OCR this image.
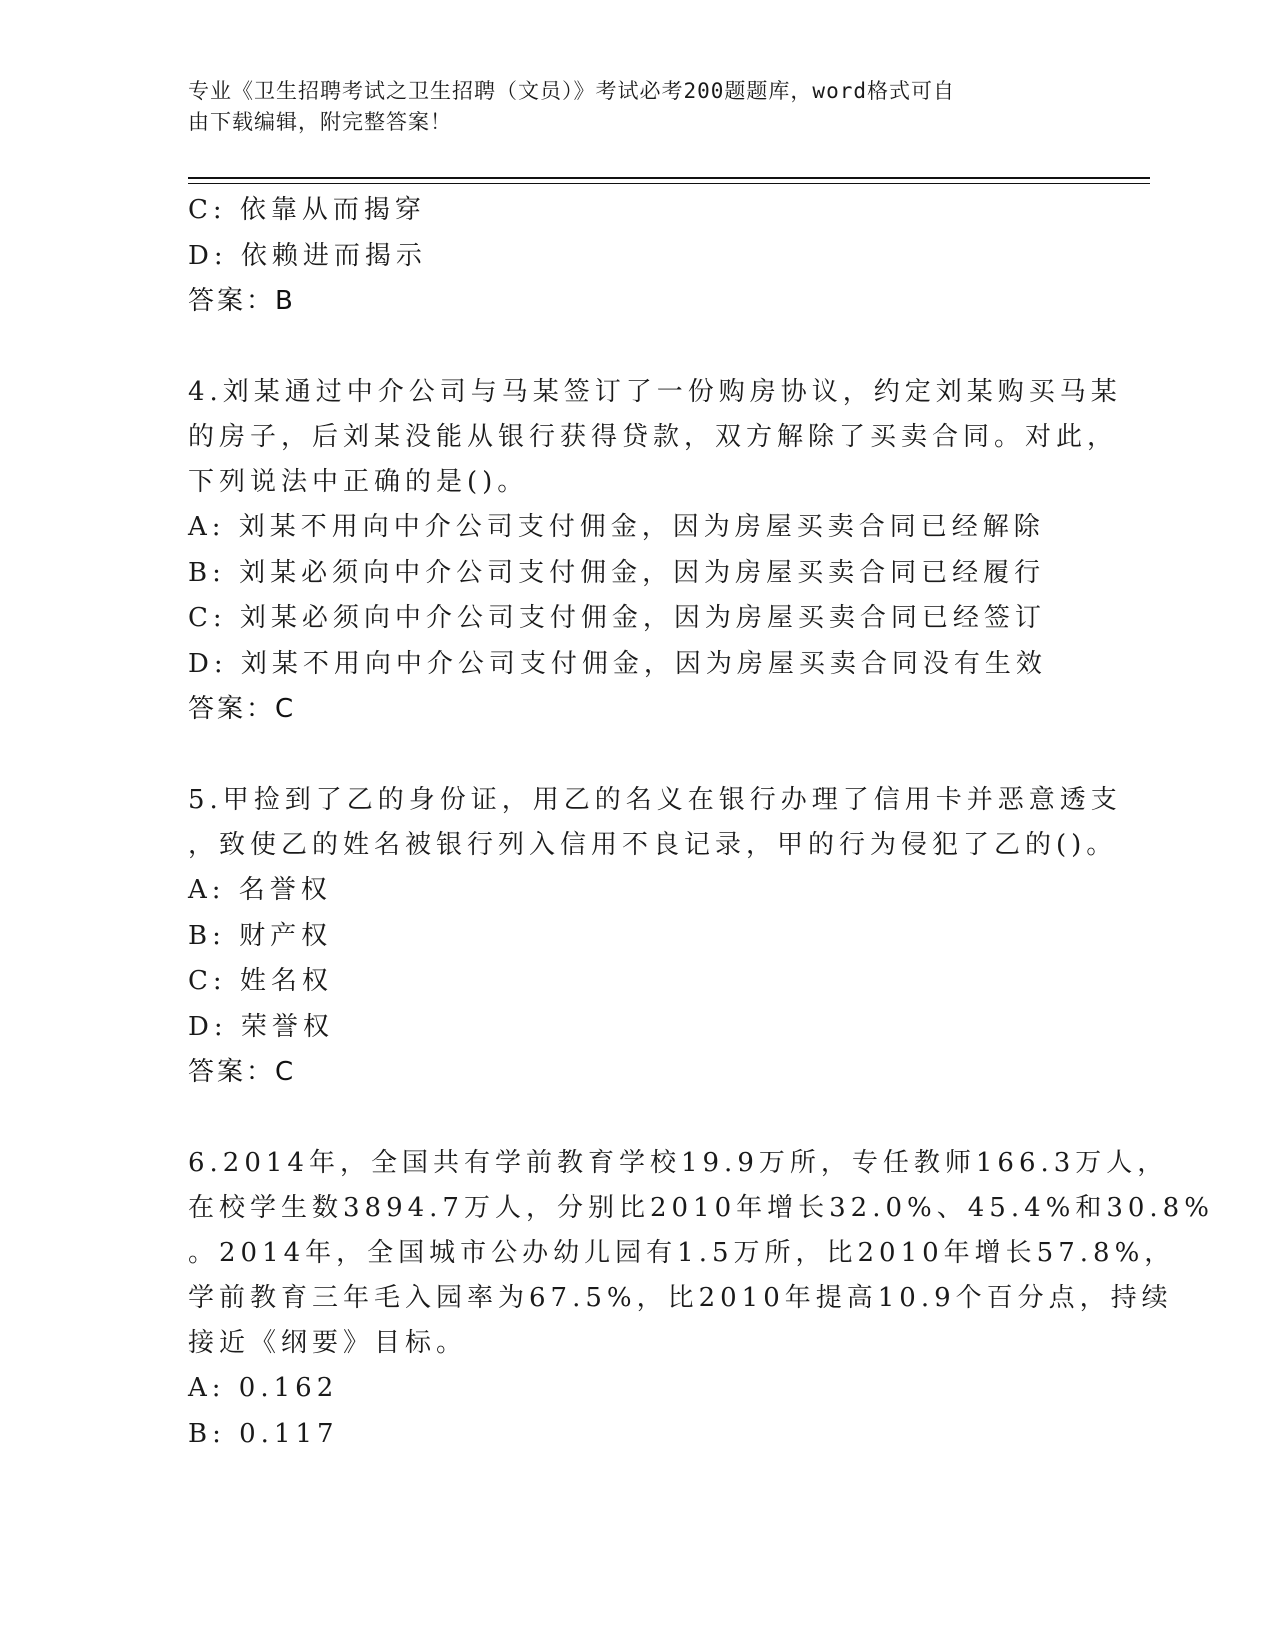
专业《卫生招聘考试之卫生招聘（文员）》考试必考200题题库，word格式可自
由下载编辑，附完整答案！
C: 依靠从而揭穿
D: 依赖进而揭示
答案：B
4.刘某通过中介公司与马某签订了一份购房协议，约定刘某购买马某
的房子，后刘某没能从银行获得贷款，双方解除了买卖合同。对此，
下列说法中正确的是()。
A: 刘某不用向中介公司支付佣金，因为房屋买卖合同已经解除
B: 刘某必须向中介公司支付佣金，因为房屋买卖合同已经履行
C: 刘某必须向中介公司支付佣金，因为房屋买卖合同已经签订
D: 刘某不用向中介公司支付佣金，因为房屋买卖合同没有生效
答案：C
5.甲捡到了乙的身份证，用乙的名义在银行办理了信用卡并恶意透支
，致使乙的姓名被银行列入信用不良记录，甲的行为侵犯了乙的()。
A: 名誉权
B: 财产权
C: 姓名权
D: 荣誉权
答案：C
6.2014年，全国共有学前教育学校19.9万所，专任教师166.3万人，
在校学生数3894.7万人，分别比2010年增长32.0%、45.4%和30.8%
。2014年，全国城市公办幼儿园有1.5万所，比2010年增长57.8%，
学前教育三年毛入园率为67.5%，比2010年提高10.9个百分点，持续
接近《纲要》目标。
A: 0.162
B: 0.117
